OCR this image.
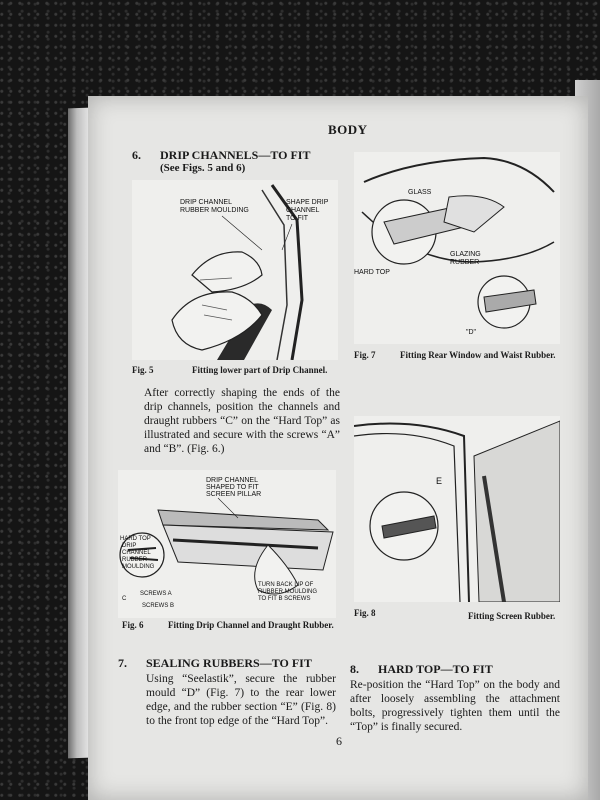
BODY
6. DRIP CHANNELS—TO FIT
(See Figs. 5 and 6)
DRIP CHANNEL
RUBBER MOULDING
SHAPE DRIP
CHANNEL
TO FIT
Fig. 5	Fitting lower part of Drip Channel.
After correctly shaping the ends of the drip channels, position the channels and draught rubbers “C” on the “Hard Top” as illustrated and secure with the screws “A” and “B”. (Fig. 6.)
DRIP CHANNEL
SHAPED TO FIT
SCREEN PILLAR
HARD TOP
DRIP
CHANNEL
RUBBER
MOULDING
SCREWS A
SCREWS B
C
TURN BACK LIP OF
RUBBER MOULDING
TO FIT B SCREWS
Fig. 6	Fitting Drip Channel and Draught Rubber.
7. SEALING RUBBERS—TO FIT
Using “Seelastik”, secure the rubber mould “D” (Fig. 7) to the rear lower edge, and the rubber section “E” (Fig. 8) to the front top edge of the “Hard Top”.
GLASS
GLAZING
RUBBER
HARD TOP
"D"
Fig. 7	Fitting Rear Window and Waist Rubber.
E
Fig. 8	Fitting Screen Rubber.
8. HARD TOP—TO FIT
Re-position the “Hard Top” on the body and after loosely assembling the attachment bolts, progressively tighten them until the “Top” is finally secured.
6
